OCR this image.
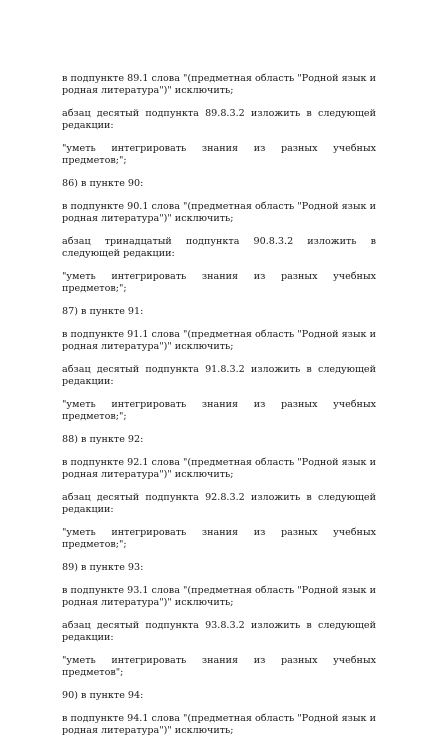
в подпункте 89.1 слова "(предметная область "Родной язык и родная литература")" исключить;

абзац десятый подпункта 89.8.3.2 изложить в следующей редакции:

"уметь интегрировать знания из разных учебных предметов;";

86) в пункте 90:

в подпункте 90.1 слова "(предметная область "Родной язык и родная литература")" исключить;

абзац тринадцатый подпункта 90.8.3.2 изложить в следующей редакции:

"уметь интегрировать знания из разных учебных предметов;";

87) в пункте 91:

в подпункте 91.1 слова "(предметная область "Родной язык и родная литература")" исключить;

абзац десятый подпункта 91.8.3.2 изложить в следующей редакции:

"уметь интегрировать знания из разных учебных предметов;";

88) в пункте 92:

в подпункте 92.1 слова "(предметная область "Родной язык и родная литература")" исключить;

абзац десятый подпункта 92.8.3.2 изложить в следующей редакции:

"уметь интегрировать знания из разных учебных предметов;";

89) в пункте 93:

в подпункте 93.1 слова "(предметная область "Родной язык и родная литература")" исключить;

абзац десятый подпункта 93.8.3.2 изложить в следующей редакции:

"уметь интегрировать знания из разных учебных предметов";

90) в пункте 94:

в подпункте 94.1 слова "(предметная область "Родной язык и родная литература")" исключить;
